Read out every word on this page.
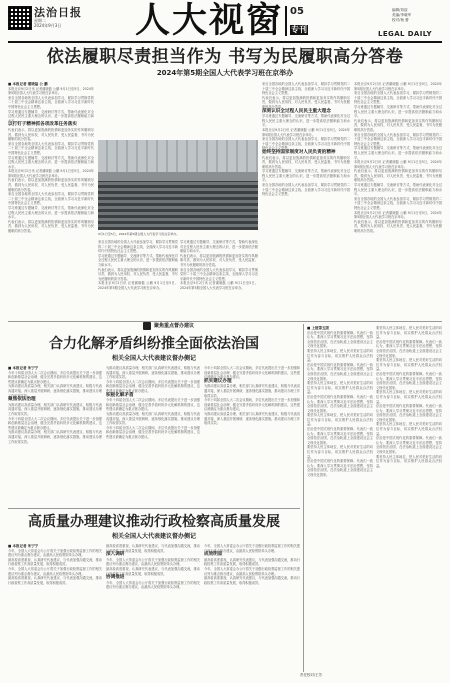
法治日报
星期二
2024年9月3日 人大视窗 05
专刊
编辑/刘蓓
美编/李晓军
校对/杨 蕾
LEGAL DAILY
依法履职尽责担当作为 书写为民履职高分答卷
2024年第5期全国人大代表学习班在京举办
■ 本报记者 蒲晓磊 公 鹏
本报北京9月2日讯 记者蒲晓磊 公鹏 9月1日至5日，2024年第5期全国人大代表学习班在京举办。
来自全国各地的全国人大代表参加学习，紧扣学习贯彻党的二十届三中全会精神这条主线，全面深入学习习近平新时代中国特色社会主义思想。
学习班通过专题辅导、交流研讨等方式，帮助代表深化对全过程人民民主重大理念的认识，进一步提高依法履职能力和水平。
以打钉子精神抓各项改革任务落实
代表们表示，将以更加饱满的热情和更加务实的作风履职尽责，做到为人民用权、对人民负责、受人民监督，书写为民履职的高分答卷。
来自全国各地的全国人大代表参加学习，紧扣学习贯彻党的二十届三中全会精神这条主线，全面深入学习习近平新时代中国特色社会主义思想。
学习班通过专题辅导、交流研讨等方式，帮助代表深化对全过程人民民主重大理念的认识，进一步提高依法履职能力和水平。
本报北京9月2日讯 记者蒲晓磊 公鹏 9月1日至5日，2024年第5期全国人大代表学习班在京举办。
代表们表示，将以更加饱满的热情和更加务实的作风履职尽责，做到为人民用权、对人民负责、受人民监督，书写为民履职的高分答卷。
来自全国各地的全国人大代表参加学习，紧扣学习贯彻党的二十届三中全会精神这条主线，全面深入学习习近平新时代中国特色社会主义思想。
学习班通过专题辅导、交流研讨等方式，帮助代表深化对全过程人民民主重大理念的认识，进一步提高依法履职能力和水平。
代表们表示，将以更加饱满的热情和更加务实的作风履职尽责，做到为人民用权、对人民负责、受人民监督，书写为民履职的高分答卷。
9月1日至5日，2024年第5期全国人大代表学习班在京举办。
来自全国各地的全国人大代表参加学习，紧扣学习贯彻党的二十届三中全会精神这条主线，全面深入学习习近平新时代中国特色社会主义思想。
学习班通过专题辅导、交流研讨等方式，帮助代表深化对全过程人民民主重大理念的认识，进一步提高依法履职能力和水平。
代表们表示，将以更加饱满的热情和更加务实的作风履职尽责，做到为人民用权、对人民负责、受人民监督，书写为民履职的高分答卷。
本报北京9月2日讯 记者蒲晓磊 公鹏 9月1日至5日，2024年第5期全国人大代表学习班在京举办。
学习班通过专题辅导、交流研讨等方式，帮助代表深化对全过程人民民主重大理念的认识，进一步提高依法履职能力和水平。
代表们表示，将以更加饱满的热情和更加务实的作风履职尽责，做到为人民用权、对人民负责、受人民监督，书写为民履职的高分答卷。
来自全国各地的全国人大代表参加学习，紧扣学习贯彻党的二十届三中全会精神这条主线，全面深入学习习近平新时代中国特色社会主义思想。
本报北京9月2日讯 记者蒲晓磊 公鹏 9月1日至5日，2024年第5期全国人大代表学习班在京举办。
来自全国各地的全国人大代表参加学习，紧扣学习贯彻党的二十届三中全会精神这条主线，全面深入学习习近平新时代中国特色社会主义思想。
代表们表示，将以更加饱满的热情和更加务实的作风履职尽责，做到为人民用权、对人民负责、受人民监督，书写为民履职的高分答卷。
深刻认识全过程人民民主重大理念
学习班通过专题辅导、交流研讨等方式，帮助代表深化对全过程人民民主重大理念的认识，进一步提高依法履职能力和水平。
本报北京9月2日讯 记者蒲晓磊 公鹏 9月1日至5日，2024年第5期全国人大代表学习班在京举办。
来自全国各地的全国人大代表参加学习，紧扣学习贯彻党的二十届三中全会精神这条主线，全面深入学习习近平新时代中国特色社会主义思想。
始终坚持国家制度对人民负责的精神
代表们表示，将以更加饱满的热情和更加务实的作风履职尽责，做到为人民用权、对人民负责、受人民监督，书写为民履职的高分答卷。
学习班通过专题辅导、交流研讨等方式，帮助代表深化对全过程人民民主重大理念的认识，进一步提高依法履职能力和水平。
来自全国各地的全国人大代表参加学习，紧扣学习贯彻党的二十届三中全会精神这条主线，全面深入学习习近平新时代中国特色社会主义思想。
本报北京9月2日讯 记者蒲晓磊 公鹏 9月1日至5日，2024年第5期全国人大代表学习班在京举办。
来自全国各地的全国人大代表参加学习，紧扣学习贯彻党的二十届三中全会精神这条主线，全面深入学习习近平新时代中国特色社会主义思想。
学习班通过专题辅导、交流研讨等方式，帮助代表深化对全过程人民民主重大理念的认识，进一步提高依法履职能力和水平。
代表们表示，将以更加饱满的热情和更加务实的作风履职尽责，做到为人民用权、对人民负责、受人民监督，书写为民履职的高分答卷。
来自全国各地的全国人大代表参加学习，紧扣学习贯彻党的二十届三中全会精神这条主线，全面深入学习习近平新时代中国特色社会主义思想。
学习班通过专题辅导、交流研讨等方式，帮助代表深化对全过程人民民主重大理念的认识，进一步提高依法履职能力和水平。
本报北京9月2日讯 记者蒲晓磊 公鹏 9月1日至5日，2024年第5期全国人大代表学习班在京举办。
代表们表示，将以更加饱满的热情和更加务实的作风履职尽责，做到为人民用权、对人民负责、受人民监督，书写为民履职的高分答卷。
学习班通过专题辅导、交流研讨等方式，帮助代表深化对全过程人民民主重大理念的认识，进一步提高依法履职能力和水平。
来自全国各地的全国人大代表参加学习，紧扣学习贯彻党的二十届三中全会精神这条主线，全面深入学习习近平新时代中国特色社会主义思想。
本报北京9月2日讯 记者蒲晓磊 公鹏 9月1日至5日，2024年第5期全国人大代表学习班在京举办。
代表们表示，将以更加饱满的热情和更加务实的作风履职尽责，做到为人民用权、对人民负责、受人民监督，书写为民履职的高分答卷。
聚焦重点督办建议
合力化解矛盾纠纷推全面依法治国
相关全国人大代表建议督办侧记
■ 本报记者 朱宁宁
今年十四届全国人大二次会议期间，多位代表提出关于进一步加强和创新基层社会治理、健全完善矛盾纠纷多元化解机制的建议，这些建议被确定为重点督办建议。
为推动建议高质量办理，相关部门认真研究代表建议，积极与代表沟通对接，深入基层开展调研，逐条细化落实措施，推动建议办理工作取得实效。
聚焦依法治理
为推动建议高质量办理，相关部门认真研究代表建议，积极与代表沟通对接，深入基层开展调研，逐条细化落实措施，推动建议办理工作取得实效。
今年十四届全国人大二次会议期间，多位代表提出关于进一步加强和创新基层社会治理、健全完善矛盾纠纷多元化解机制的建议，这些建议被确定为重点督办建议。
为推动建议高质量办理，相关部门认真研究代表建议，积极与代表沟通对接，深入基层开展调研，逐条细化落实措施，推动建议办理工作取得实效。
为推动建议高质量办理，相关部门认真研究代表建议，积极与代表沟通对接，深入基层开展调研，逐条细化落实措施，推动建议办理工作取得实效。
今年十四届全国人大二次会议期间，多位代表提出关于进一步加强和创新基层社会治理、健全完善矛盾纠纷多元化解机制的建议，这些建议被确定为重点督办建议。
积极化解矛盾
今年十四届全国人大二次会议期间，多位代表提出关于进一步加强和创新基层社会治理、健全完善矛盾纠纷多元化解机制的建议，这些建议被确定为重点督办建议。
为推动建议高质量办理，相关部门认真研究代表建议，积极与代表沟通对接，深入基层开展调研，逐条细化落实措施，推动建议办理工作取得实效。
今年十四届全国人大二次会议期间，多位代表提出关于进一步加强和创新基层社会治理、健全完善矛盾纠纷多元化解机制的建议，这些建议被确定为重点督办建议。
今年十四届全国人大二次会议期间，多位代表提出关于进一步加强和创新基层社会治理、健全完善矛盾纠纷多元化解机制的建议，这些建议被确定为重点督办建议。
抓实建议办理
为推动建议高质量办理，相关部门认真研究代表建议，积极与代表沟通对接，深入基层开展调研，逐条细化落实措施，推动建议办理工作取得实效。
今年十四届全国人大二次会议期间，多位代表提出关于进一步加强和创新基层社会治理、健全完善矛盾纠纷多元化解机制的建议，这些建议被确定为重点督办建议。
为推动建议高质量办理，相关部门认真研究代表建议，积极与代表沟通对接，深入基层开展调研，逐条细化落实措施，推动建议办理工作取得实效。
高质量办理建议推动行政检察高质量发展
相关全国人大代表建议督办侧记
■ 本报记者 朱宁宁
今年，全国人大常委会办公厅将关于加强行政检察监督工作的相关建议列为重点督办建议，由最高人民检察院牵头办理。
最高检高度重视，认真研究代表建议，与代表加强沟通交流，推动行政检察工作高质量发展，取得积极成效。
今年，全国人大常委会办公厅将关于加强行政检察监督工作的相关建议列为重点督办建议，由最高人民检察院牵头办理。
最高检高度重视，认真研究代表建议，与代表加强沟通交流，推动行政检察工作高质量发展，取得积极成效。
最高检高度重视，认真研究代表建议，与代表加强沟通交流，推动行政检察工作高质量发展，取得积极成效。
深入调研
今年，全国人大常委会办公厅将关于加强行政检察监督工作的相关建议列为重点督办建议，由最高人民检察院牵头办理。
最高检高度重视，认真研究代表建议，与代表加强沟通交流，推动行政检察工作高质量发展，取得积极成效。
协调推进
今年，全国人大常委会办公厅将关于加强行政检察监督工作的相关建议列为重点督办建议，由最高人民检察院牵头办理。
今年，全国人大常委会办公厅将关于加强行政检察监督工作的相关建议列为重点督办建议，由最高人民检察院牵头办理。
成效明显
最高检高度重视，认真研究代表建议，与代表加强沟通交流，推动行政检察工作高质量发展，取得积极成效。
今年，全国人大常委会办公厅将关于加强行政检察监督工作的相关建议列为重点督办建议，由最高人民检察院牵头办理。
最高检高度重视，认真研究代表建议，与代表加强沟通交流，推动行政检察工作高质量发展，取得积极成效。
■ 上接第五版
法治是中国式现代化的重要保障。代表们一致认为，要深入学习贯彻习近平法治思想，坚持全面依法治国，在法治轨道上全面建设社会主义现代化国家。
要坚持人民主体地位，把人民对美好生活的向往作为奋斗目标，切实维护人民群众合法权益。
法治是中国式现代化的重要保障。代表们一致认为，要深入学习贯彻习近平法治思想，坚持全面依法治国，在法治轨道上全面建设社会主义现代化国家。
要坚持人民主体地位，把人民对美好生活的向往作为奋斗目标，切实维护人民群众合法权益。
法治是中国式现代化的重要保障。代表们一致认为，要深入学习贯彻习近平法治思想，坚持全面依法治国，在法治轨道上全面建设社会主义现代化国家。
要坚持人民主体地位，把人民对美好生活的向往作为奋斗目标，切实维护人民群众合法权益。
法治是中国式现代化的重要保障。代表们一致认为，要深入学习贯彻习近平法治思想，坚持全面依法治国，在法治轨道上全面建设社会主义现代化国家。
要坚持人民主体地位，把人民对美好生活的向往作为奋斗目标，切实维护人民群众合法权益。
法治是中国式现代化的重要保障。代表们一致认为，要深入学习贯彻习近平法治思想，坚持全面依法治国，在法治轨道上全面建设社会主义现代化国家。
要坚持人民主体地位，把人民对美好生活的向往作为奋斗目标，切实维护人民群众合法权益。
法治是中国式现代化的重要保障。代表们一致认为，要深入学习贯彻习近平法治思想，坚持全面依法治国，在法治轨道上全面建设社会主义现代化国家。
要坚持人民主体地位，把人民对美好生活的向往作为奋斗目标，切实维护人民群众合法权益。
法治是中国式现代化的重要保障。代表们一致认为，要深入学习贯彻习近平法治思想，坚持全面依法治国，在法治轨道上全面建设社会主义现代化国家。
要坚持人民主体地位，把人民对美好生活的向往作为奋斗目标，切实维护人民群众合法权益。
法治是中国式现代化的重要保障。代表们一致认为，要深入学习贯彻习近平法治思想，坚持全面依法治国，在法治轨道上全面建设社会主义现代化国家。
要坚持人民主体地位，把人民对美好生活的向往作为奋斗目标，切实维护人民群众合法权益。
法治是中国式现代化的重要保障。代表们一致认为，要深入学习贯彻习近平法治思想，坚持全面依法治国，在法治轨道上全面建设社会主义现代化国家。
要坚持人民主体地位，把人民对美好生活的向往作为奋斗目标，切实维护人民群众合法权益。
责任校对/王芳
